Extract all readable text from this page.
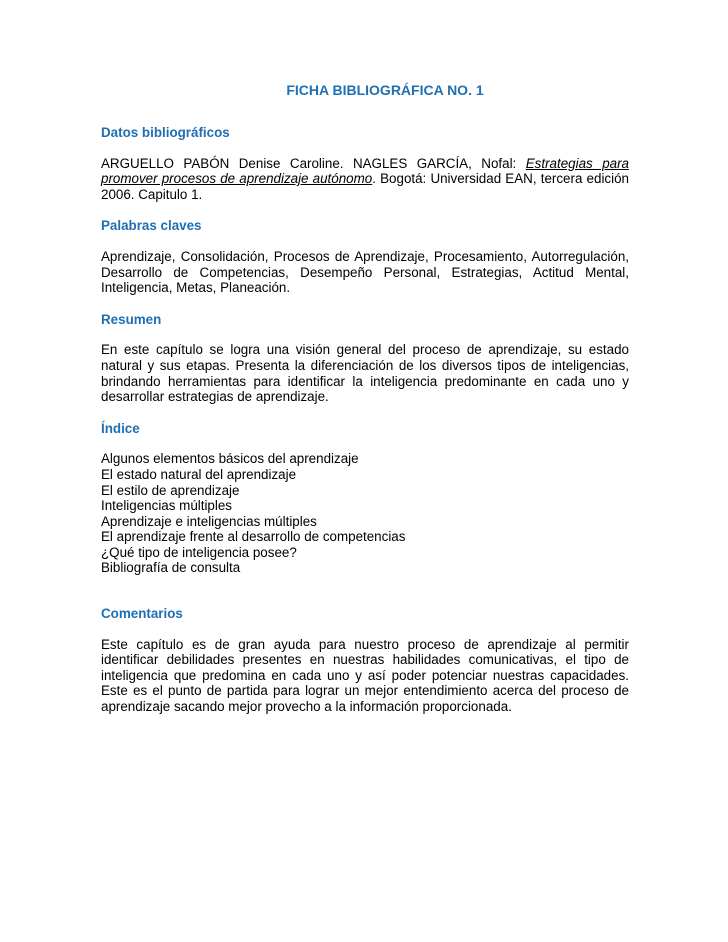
FICHA BIBLIOGRÁFICA NO. 1
Datos bibliográficos
ARGUELLO PABÓN Denise Caroline. NAGLES GARCÍA, Nofal: Estrategias para promover procesos de aprendizaje autónomo. Bogotá: Universidad EAN, tercera edición 2006. Capitulo 1.
Palabras claves
Aprendizaje, Consolidación, Procesos de Aprendizaje, Procesamiento, Autorregulación, Desarrollo de Competencias, Desempeño Personal, Estrategias, Actitud Mental, Inteligencia, Metas, Planeación.
Resumen
En este capítulo se logra una visión general del proceso de aprendizaje, su estado natural y sus etapas. Presenta la diferenciación de los diversos tipos de inteligencias, brindando herramientas para identificar la inteligencia predominante en cada uno y desarrollar estrategias de aprendizaje.
Índice
Algunos elementos básicos del aprendizaje
El estado natural del aprendizaje
El estilo de aprendizaje
Inteligencias múltiples
Aprendizaje e inteligencias múltiples
El aprendizaje frente al desarrollo de competencias
¿Qué tipo de inteligencia posee?
Bibliografía de consulta
Comentarios
Este capítulo es de gran ayuda para nuestro proceso de aprendizaje al permitir identificar debilidades presentes en nuestras habilidades comunicativas, el tipo de inteligencia que predomina en cada uno y así poder potenciar nuestras capacidades. Este es el punto de partida para lograr un mejor entendimiento acerca del proceso de aprendizaje sacando mejor provecho a la información proporcionada.
